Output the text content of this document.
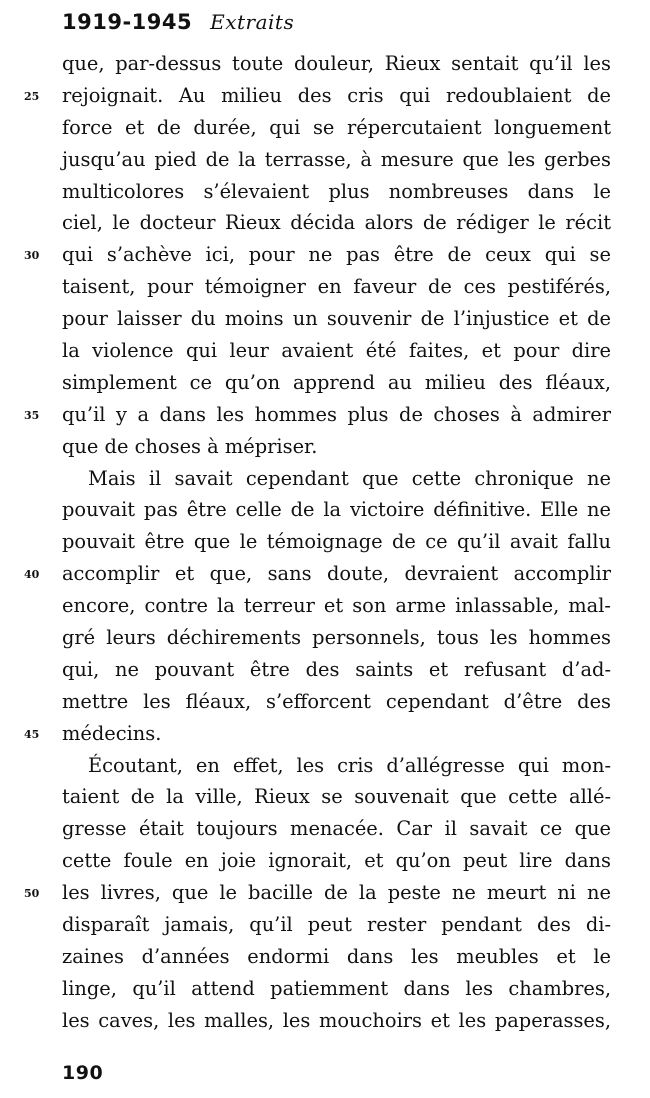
1919-1945 Extraits
que, par-dessus toute douleur, Rieux sentait qu’il les
25	rejoignait. Au milieu des cris qui redoublaient de
force et de durée, qui se répercutaient longuement
jusqu’au pied de la terrasse, à mesure que les gerbes
multicolores s’élevaient plus nombreuses dans le
ciel, le docteur Rieux décida alors de rédiger le récit
30	qui s’achève ici, pour ne pas être de ceux qui se
taisent, pour témoigner en faveur de ces pestiférés,
pour laisser du moins un souvenir de l’injustice et de
la violence qui leur avaient été faites, et pour dire
simplement ce qu’on apprend au milieu des fléaux,
35	qu’il y a dans les hommes plus de choses à admirer
que de choses à mépriser.
Mais il savait cependant que cette chronique ne
pouvait pas être celle de la victoire définitive. Elle ne
pouvait être que le témoignage de ce qu’il avait fallu
40	accomplir et que, sans doute, devraient accomplir
encore, contre la terreur et son arme inlassable, mal-
gré leurs déchirements personnels, tous les hommes
qui, ne pouvant être des saints et refusant d’ad-
mettre les fléaux, s’efforcent cependant d’être des
45	médecins.
Écoutant, en effet, les cris d’allégresse qui mon-
taient de la ville, Rieux se souvenait que cette allé-
gresse était toujours menacée. Car il savait ce que
cette foule en joie ignorait, et qu’on peut lire dans
50	les livres, que le bacille de la peste ne meurt ni ne
disparaît jamais, qu’il peut rester pendant des di-
zaines d’années endormi dans les meubles et le
linge, qu’il attend patiemment dans les chambres,
les caves, les malles, les mouchoirs et les paperasses,
190
